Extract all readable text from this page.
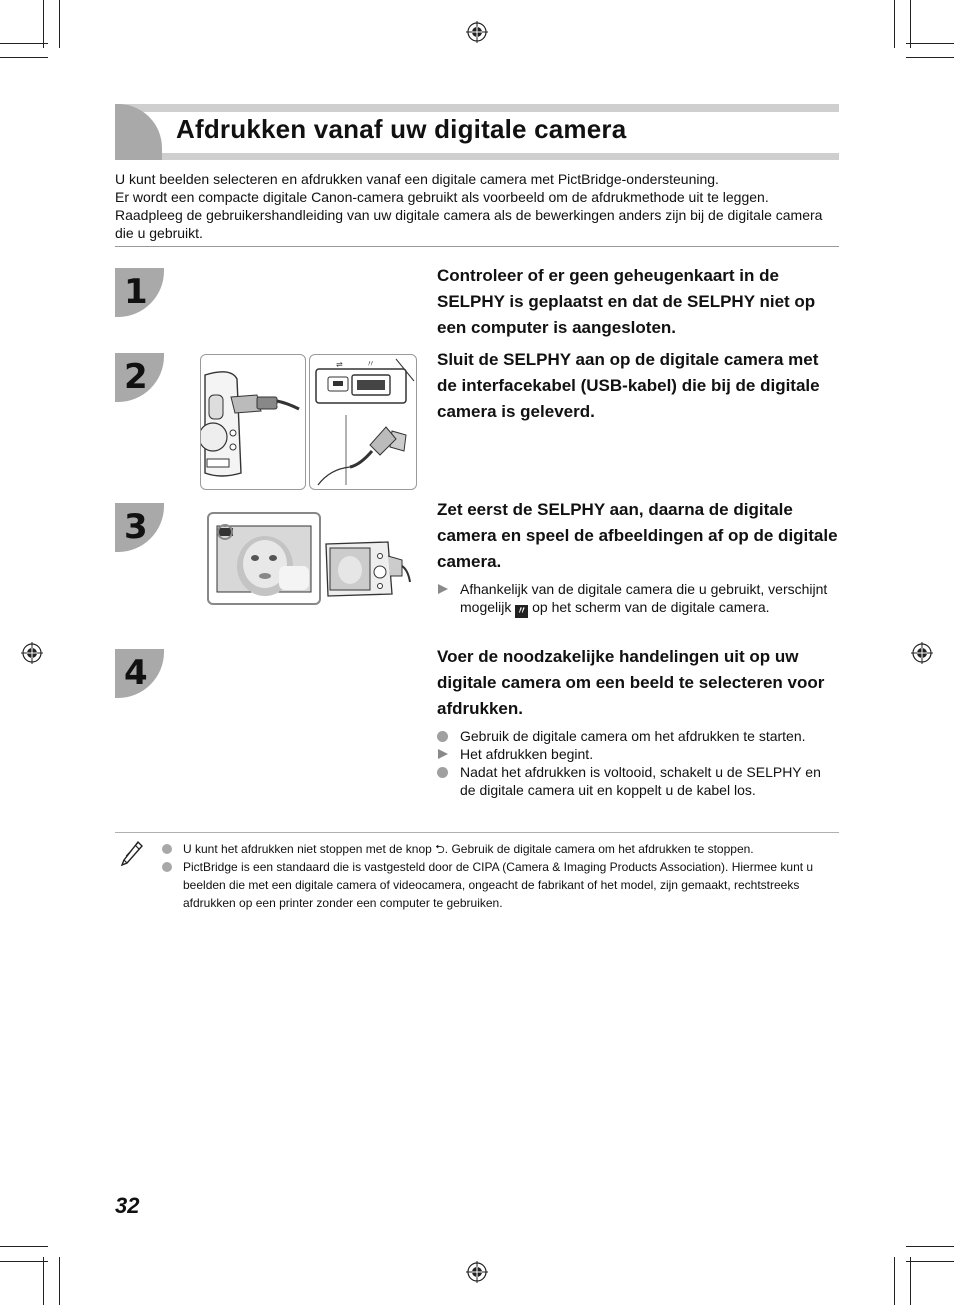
Afdrukken vanaf uw digitale camera

U kunt beelden selecteren en afdrukken vanaf een digitale camera met PictBridge-ondersteuning.

Er wordt een compacte digitale Canon-camera gebruikt als voorbeeld om de afdrukmethode uit te leggen.

Raadpleeg de gebruikershandleiding van uw digitale camera als de bewerkingen anders zijn bij de digitale camera die u gebruikt.

1	Controleer of er geen geheugenkaart in de SELPHY is geplaatst en dat de SELPHY niet op een computer is aangesloten.
2	Sluit de SELPHY aan op de digitale camera met de interfacekabel (USB-kabel) die bij de digitale camera is geleverd.
⇌	〃
3	Zet eerst de SELPHY aan, daarna de digitale camera en speel de afbeeldingen af op de digitale camera.
Afhankelijk van de digitale camera die u gebruikt, verschijnt mogelijk 〃 op het scherm van de digitale camera.
4	Voer de noodzakelijke handelingen uit op uw digitale camera om een beeld te selecteren voor afdrukken.
Gebruik de digitale camera om het afdrukken te starten.
Het afdrukken begint.
Nadat het afdrukken is voltooid, schakelt u de SELPHY en de digitale camera uit en koppelt u de kabel los.
U kunt het afdrukken niet stoppen met de knop ⮌. Gebruik de digitale camera om het afdrukken te stoppen.
PictBridge is een standaard die is vastgesteld door de CIPA (Camera & Imaging Products Association). Hiermee kunt u beelden die met een digitale camera of videocamera, ongeacht de fabrikant of het model, zijn gemaakt, rechtstreeks afdrukken op een printer zonder een computer te gebruiken.
32
